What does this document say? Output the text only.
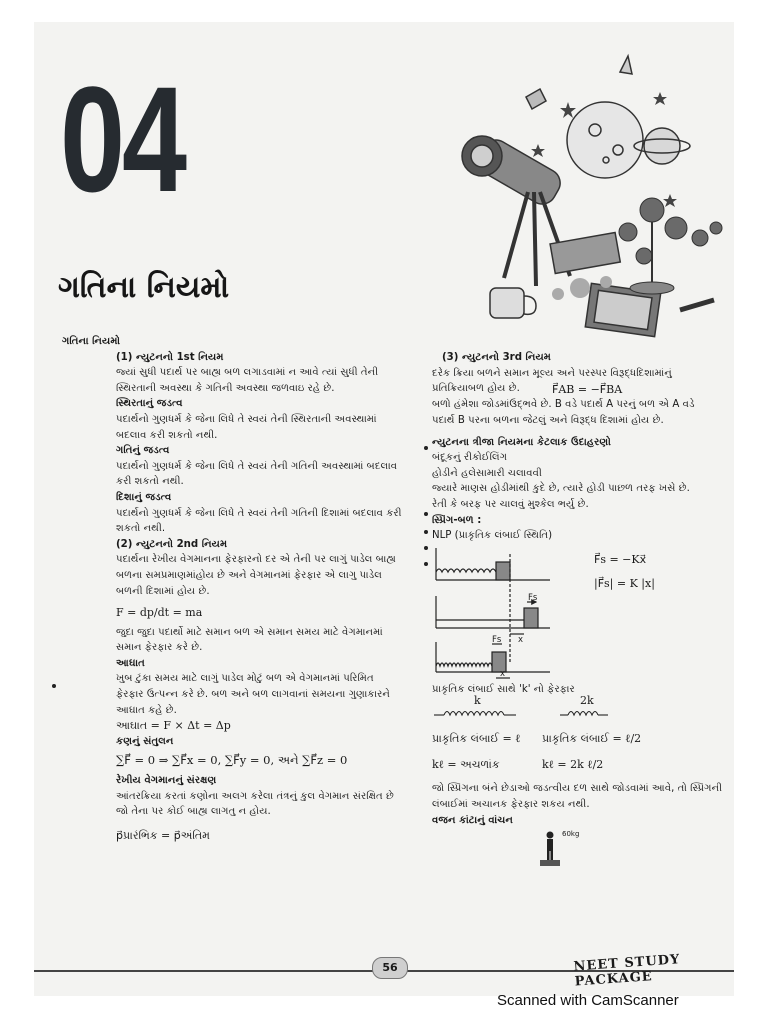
04
ગતિના નિયમો

ગતિના નિયમો

(1) ન્યુટનનો 1st નિયમ

જ્યાં સુધી પદાર્થ પર બાહ્ય બળ લગાડવામાં ન આવે ત્યાં સુધી તેની

સ્થિરતાની અવસ્થા કે ગતિની અવસ્થા જળવાઇ રહે છે.

સ્થિરતાનું જડત્વ

પદાર્થનો ગુણધર્મ કે જેના લિધે તે સ્વયં તેની સ્થિરતાની અવસ્થામાં

બદલાવ કરી શકતો નથી.

ગતિનું જડત્વ

પદાર્થનો ગુણધર્મ કે જેના લિધે તે સ્વયં તેની ગતિની અવસ્થામાં બદલાવ

કરી શકતો નથી.

દિશાનું જડત્વ

પદાર્થનો ગુણધર્મ કે જેના લિધે તે સ્વયં તેની ગતિની દિશામાં બદલાવ કરી

શકતો નથી.

(2) ન્યુટનનો 2nd નિયમ

પદાર્થના રેખીય વેગમાનના ફેરફારનો દર એ તેની પર લાગું પાડેલ બાહ્ય

બળના સમપ્રમાણમાંહોય છે અને વેગમાનમાં ફેરફાર એ લાગુ પાડેલ

બળની દિશામાં હોય છે.

F = dp/dt = ma

જુદા જુદા પદાર્થો માટે સમાન બળ એ સમાન સમય માટે વેગમાનમાં

સમાન ફેરફાર કરે છે.

આઘાત

ખુબ ટુંકા સમય માટે લાગું પાડેલ મોટું બળ એ વેગમાનમાં પરિમિત

ફેરફાર ઉત્પન્ન કરે છે. બળ અને બળ લાગવાનાં સમયના ગુણાકારને

આઘાત કહે છે.

આઘાત = F × Δt = Δp

કણનું સંતુલન

∑F⃗ = 0 ⇒ ∑F⃗x = 0, ∑F⃗y = 0, અને ∑F⃗z = 0

રેખીય વેગમાનનું સંરક્ષણ

આંતરક્રિયા કરતાં કણોના અલગ કરેલા તંત્રનું કુલ વેગમાન સંરક્ષિત છે

જો તેના પર કોઈ બાહ્ય લાગતુ ન હોય.

p⃗પ્રારંભિક = p⃗અંતિમ

(3) ન્યુટનનો 3rd નિયમ

દરેક ક્રિયા બળને સમાન મૂલ્ય અને પરસ્પર વિરૂદ્ધદિશામાંનું

પ્રતિક્રિયાબળ હોય છે.	F⃗AB = −F⃗BA

બળો હંમેશા જોડમાંઉદ્ભવે છે. B વડે પદાર્થ A પરનું બળ એ A વડે

પદાર્થ B પરના બળના જેટલું અને વિરૂદ્ધ દિશામાં હોય છે.

ન્યુટનના ત્રીજા નિયમના કેટલાક ઉદાહરણો

બંદૂકનું રીકોઈલિંગ

હોડીને હલેસામારી ચલાવવી

જ્યારે માણસ હોડીમાંથી કુદે છે, ત્યારે હોડી પાછળ તરફ ખસે છે.

રેતી કે બરફ પર ચાલવું મુશ્કેલ ભર્યુ છે.

સ્પ્રિંગ-બળ :

NLP (પ્રાકૃતિક લંબાઈ સ્થિતિ)

Fs
x
Fs
x

F⃗s = −Kx⃗

|F⃗s| = K |x|

પ્રાકૃતિક લંબાઈ સાથે 'k' નો ફેરફાર

k	2k

પ્રાકૃતિક લંબાઈ = ℓ પ્રાકૃતિક લંબાઈ = ℓ/2

kℓ = અચળાંક	kℓ = 2k ℓ/2

જો સ્પ્રિંગના બંને છેડાઓ જડત્વીય દળ સાથે જોડવામાં આવે, તો સ્પ્રિંગની

લંબાઈમાં અચાનક ફેરફાર શકય નથી.

વજન કાંટાનું વાંચન

60kg

56	NEET STUDY PACKAGE
Scanned with CamScanner
